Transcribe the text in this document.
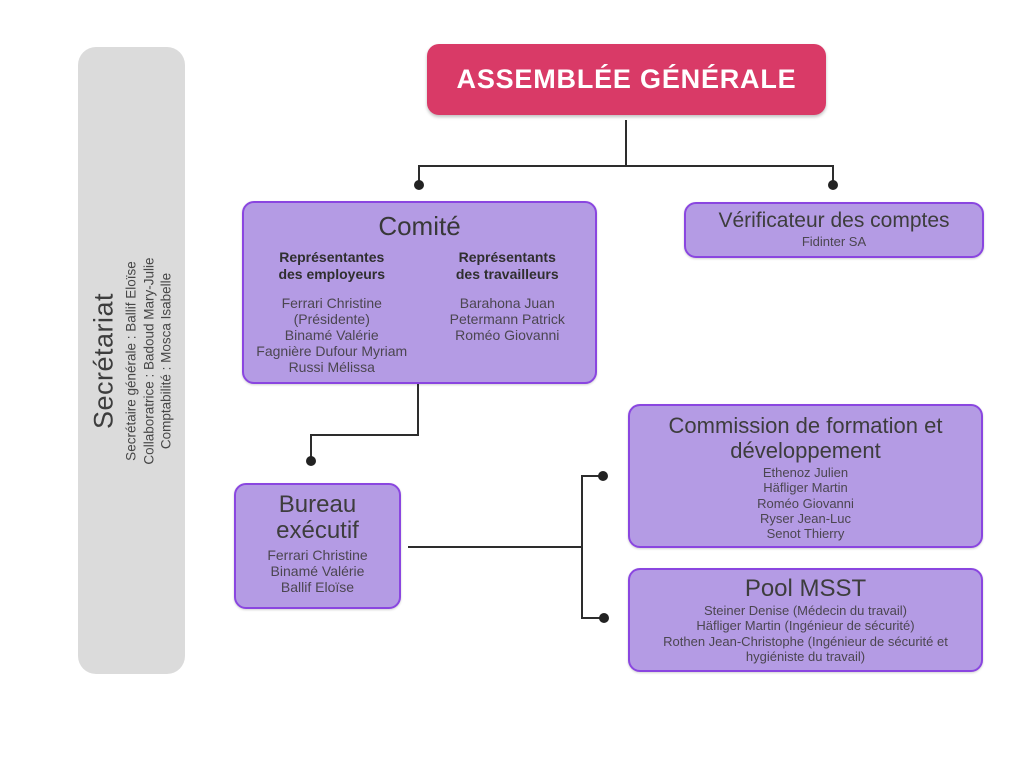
Secrétariat Secrétaire générale : Ballif Eloïse Collaboratrice : Badoud Mary-Julie Comptabilité : Mosca Isabelle
ASSEMBLÉE GÉNÉRALE
Comité
Représentantes
des employeurs
Ferrari Christine (Présidente)
Binamé Valérie
Fagnière Dufour Myriam
Russi Mélissa
Représentants
des travailleurs
Barahona Juan
Petermann Patrick
Roméo Giovanni
Vérificateur des comptes
Fidinter SA
Bureau exécutif
Ferrari Christine
Binamé Valérie
Ballif Eloïse
Commission de formation et développement
Ethenoz Julien
Häfliger Martin
Roméo Giovanni
Ryser Jean-Luc
Senot Thierry
Pool MSST
Steiner Denise (Médecin du travail)
Häfliger Martin (Ingénieur de sécurité)
Rothen Jean-Christophe (Ingénieur de sécurité et hygiéniste du travail)
